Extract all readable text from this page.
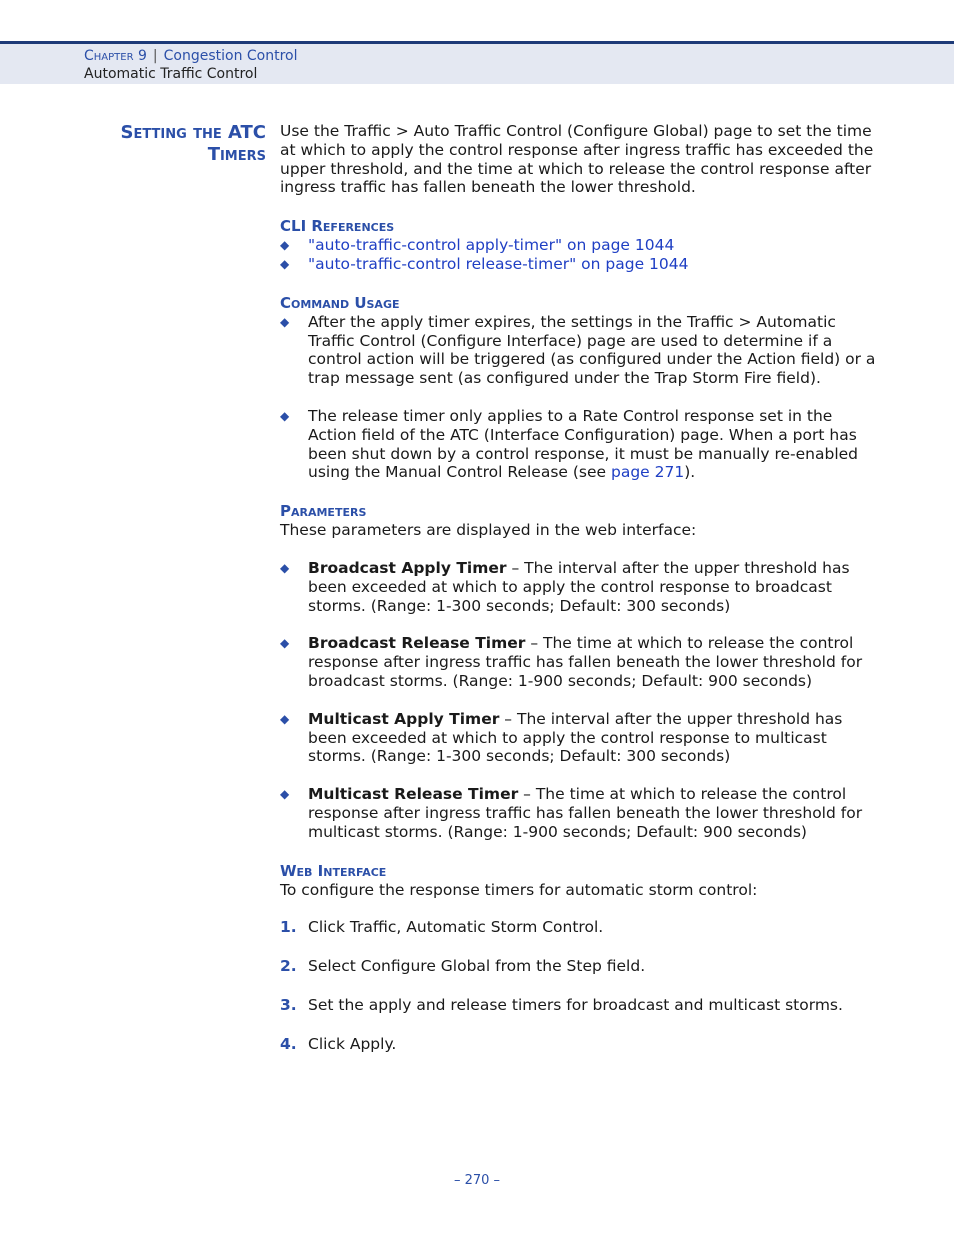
Chapter 9 | Congestion Control
Automatic Traffic Control
Setting the ATC
Timers

Use the Traffic > Auto Traffic Control (Configure Global) page to set the time at which to apply the control response after ingress traffic has exceeded the upper threshold, and the time at which to release the control response after ingress traffic has fallen beneath the lower threshold.

CLI References
◆ "auto-traffic-control apply-timer" on page 1044
◆ "auto-traffic-control release-timer" on page 1044
Command Usage
◆ After the apply timer expires, the settings in the Traffic > Automatic Traffic Control (Configure Interface) page are used to determine if a control action will be triggered (as configured under the Action field) or a trap message sent (as configured under the Trap Storm Fire field).
◆ The release timer only applies to a Rate Control response set in the Action field of the ATC (Interface Configuration) page. When a port has been shut down by a control response, it must be manually re-enabled using the Manual Control Release (see page 271).
Parameters

These parameters are displayed in the web interface:

◆ Broadcast Apply Timer – The interval after the upper threshold has been exceeded at which to apply the control response to broadcast storms. (Range: 1-300 seconds; Default: 300 seconds)
◆ Broadcast Release Timer – The time at which to release the control response after ingress traffic has fallen beneath the lower threshold for broadcast storms. (Range: 1-900 seconds; Default: 900 seconds)
◆ Multicast Apply Timer – The interval after the upper threshold has been exceeded at which to apply the control response to multicast storms. (Range: 1-300 seconds; Default: 300 seconds)
◆ Multicast Release Timer – The time at which to release the control response after ingress traffic has fallen beneath the lower threshold for multicast storms. (Range: 1-900 seconds; Default: 900 seconds)
Web Interface

To configure the response timers for automatic storm control:

1. Click Traffic, Automatic Storm Control.
2. Select Configure Global from the Step field.
3. Set the apply and release timers for broadcast and multicast storms.
4. Click Apply.
– 270 –
